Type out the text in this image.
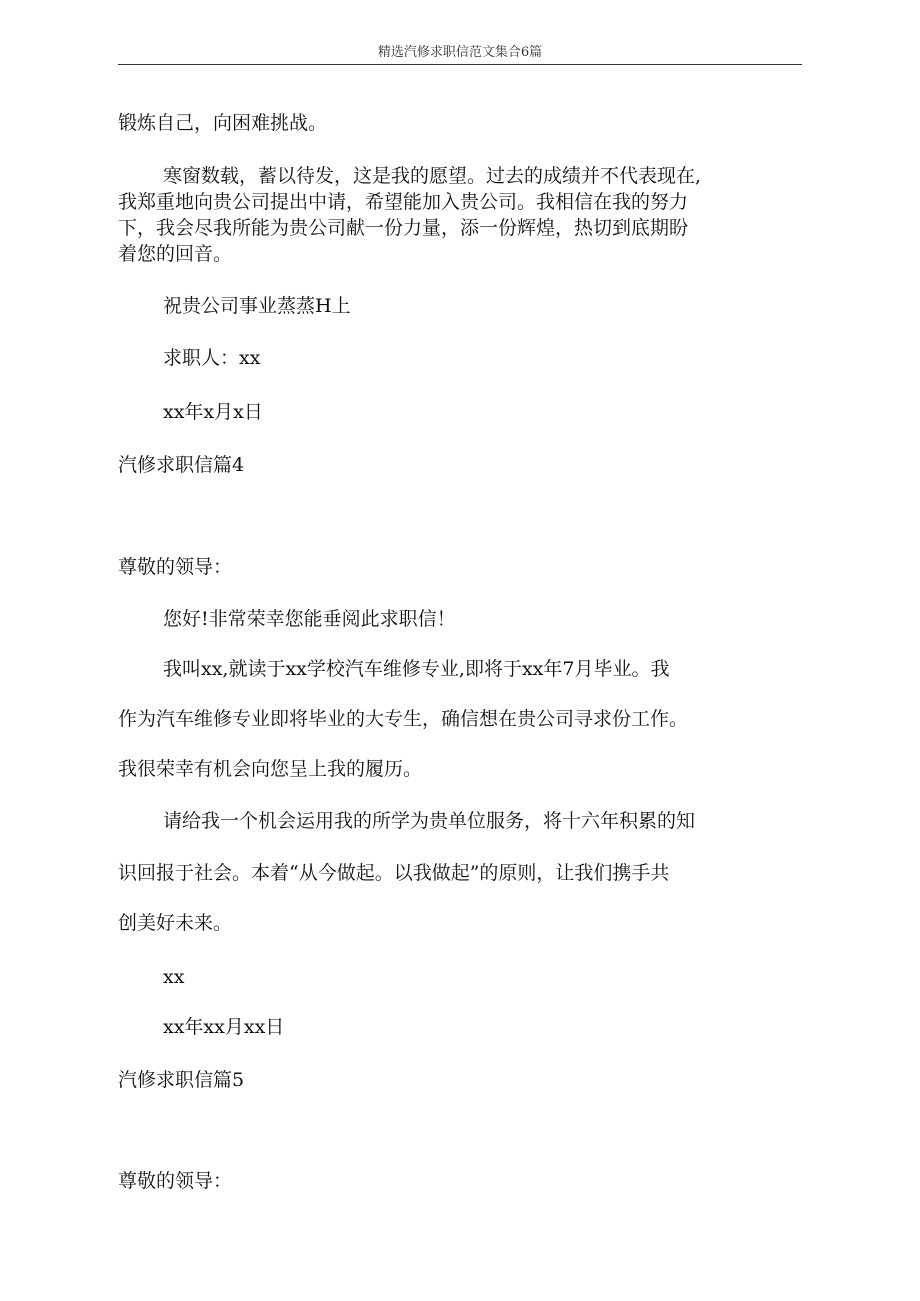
精选汽修求职信范文集合6篇
锻炼自己，向困难挑战。
寒窗数载，蓄以待发，这是我的愿望。过去的成绩并不代表现在,
我郑重地向贵公司提出中请，希望能加入贵公司。我相信在我的努力
下，我会尽我所能为贵公司献一份力量，添一份辉煌，热切到底期盼
着您的回音。
祝贵公司事业蒸蒸H上
求职人：xx
xx年x月x日
汽修求职信篇4
尊敬的领导：
您好!非常荣幸您能垂阅此求职信！
我叫xx,就读于xx学校汽车维修专业,即将于xx年7月毕业。我
作为汽车维修专业即将毕业的大专生，确信想在贵公司寻求份工作。
我很荣幸有机会向您呈上我的履历。
请给我一个机会运用我的所学为贵单位服务，将十六年积累的知
识回报于社会。本着“从今做起。以我做起”的原则，让我们携手共
创美好未来。
xx
xx年xx月xx日
汽修求职信篇5
尊敬的领导：
